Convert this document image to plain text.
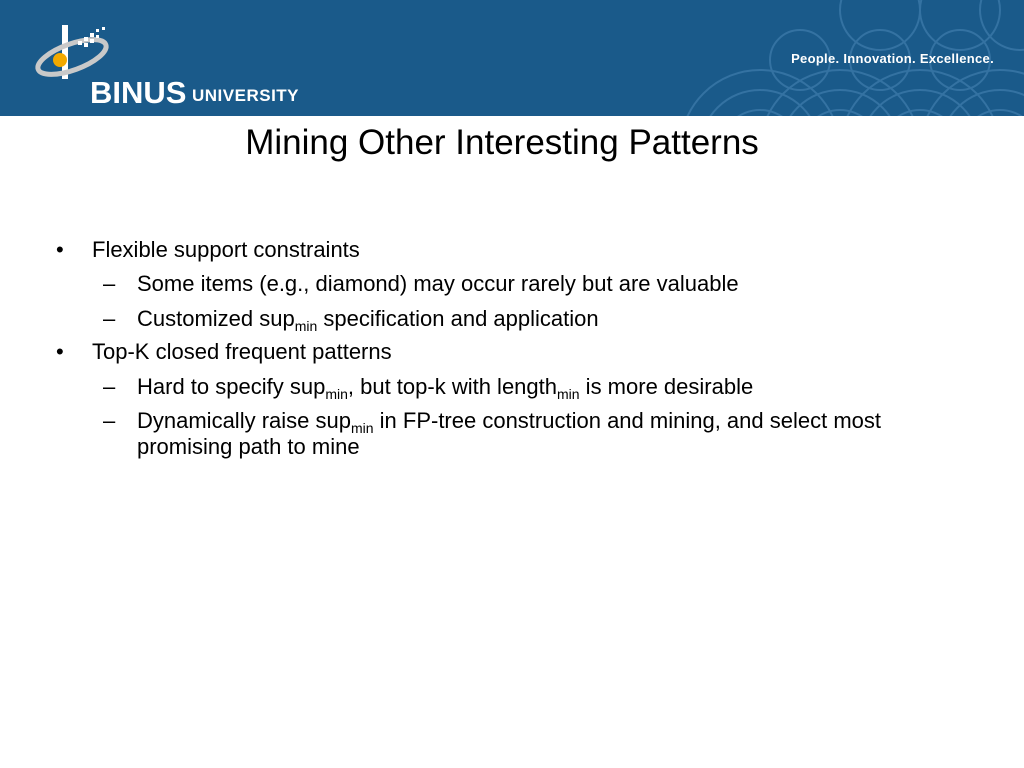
BINUS UNIVERSITY
People. Innovation. Excellence.
Mining Other Interesting Patterns
• Flexible support constraints
– Some items (e.g., diamond) may occur rarely but are valuable
– Customized sup$_{min}$ specification and application
• Top-K closed frequent patterns
– Hard to specify sup$_{min}$, but top-k with length$_{min}$ is more desirable
– Dynamically raise sup$_{min}$ in FP-tree construction and mining, and select most promising path to mine
